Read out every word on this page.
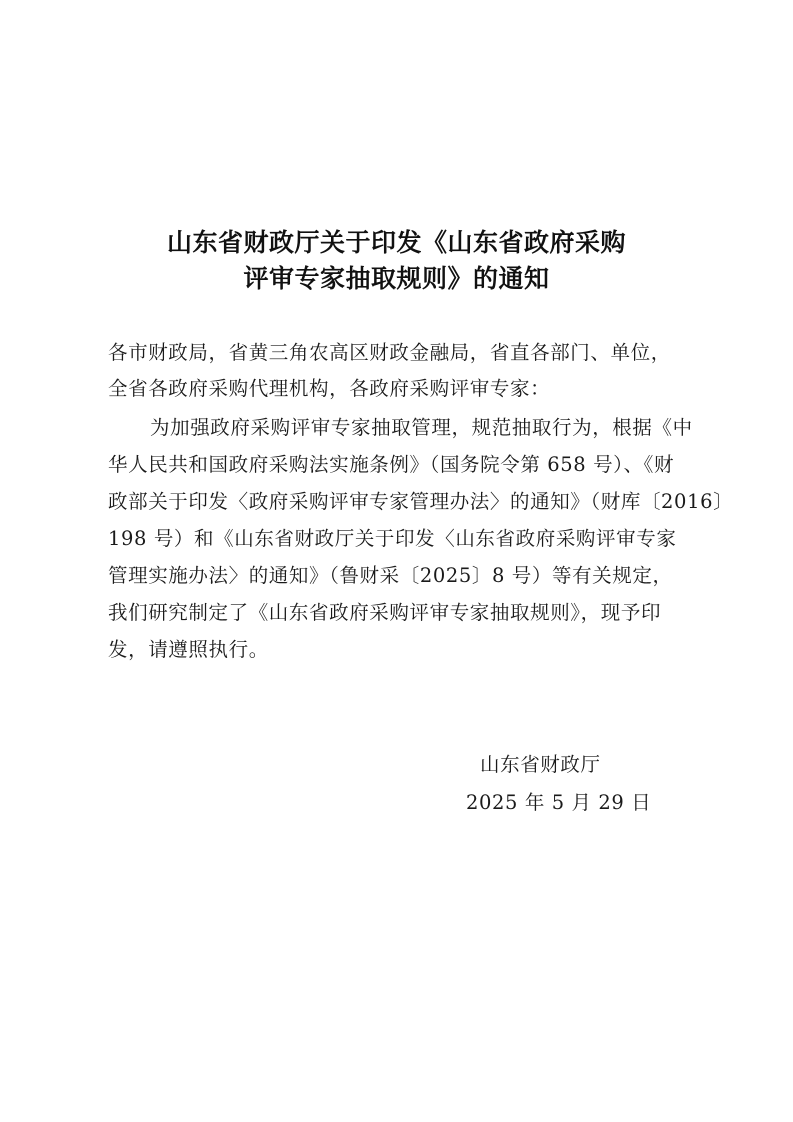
山东省财政厅关于印发《山东省政府采购
评审专家抽取规则》的通知
各市财政局，省黄三角农高区财政金融局，省直各部门、单位，
全省各政府采购代理机构，各政府采购评审专家：
为加强政府采购评审专家抽取管理，规范抽取行为，根据《中
华人民共和国政府采购法实施条例》（国务院令第 658 号）、《财
政部关于印发〈政府采购评审专家管理办法〉的通知》（财库〔2016〕
198 号）和《山东省财政厅关于印发〈山东省政府采购评审专家
管理实施办法〉的通知》（鲁财采〔2025〕8 号）等有关规定，
我们研究制定了《山东省政府采购评审专家抽取规则》，现予印
发，请遵照执行。
山东省财政厅
2025 年 5 月 29 日
